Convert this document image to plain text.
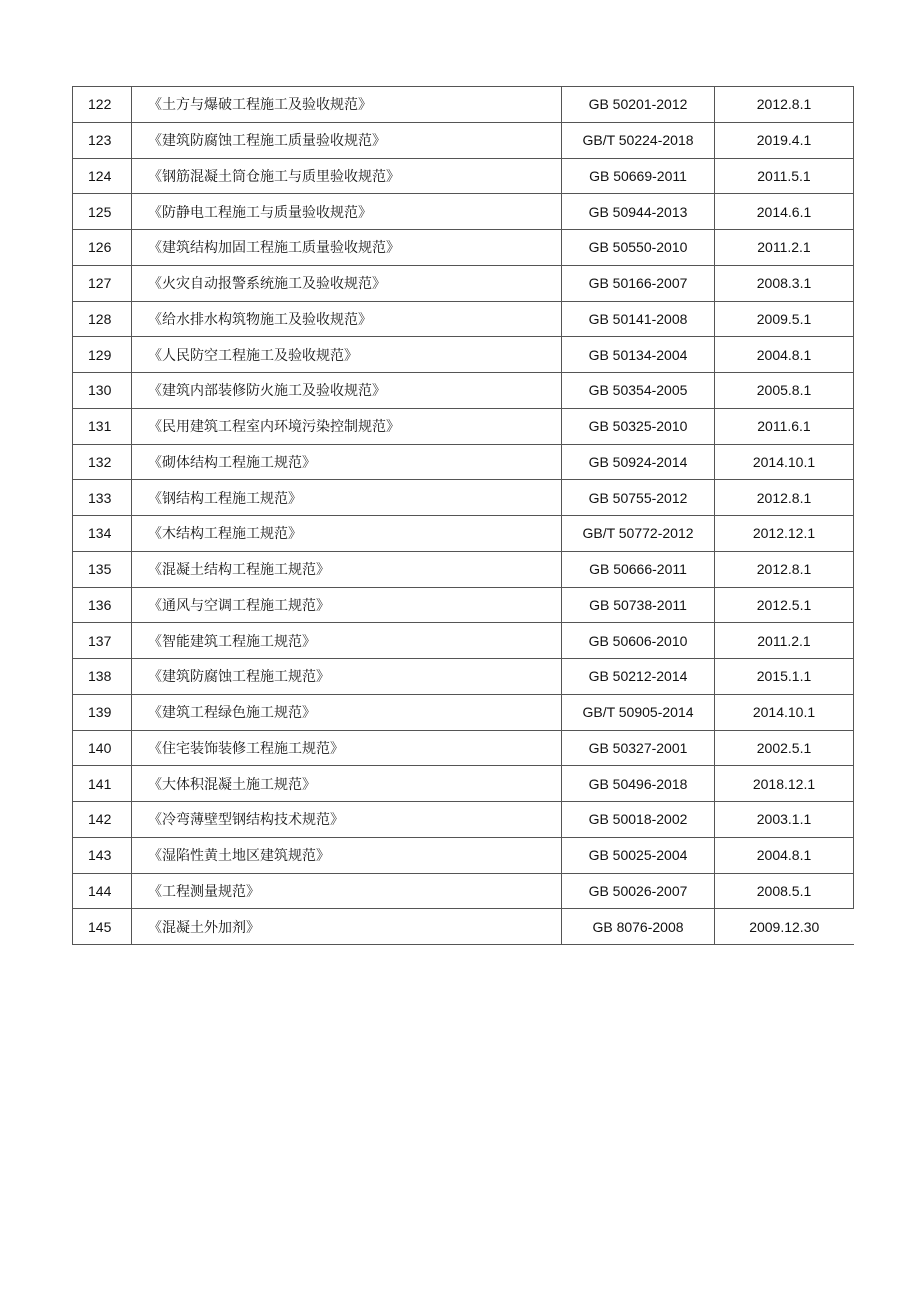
122	《土方与爆破工程施工及验收规范》	GB 50201-2012	2012.8.1
123	《建筑防腐蚀工程施工质量验收规范》	GB/T 50224-2018	2019.4.1
124	《钢筋混凝土筒仓施工与质里验收规范》	GB 50669-2011	2011.5.1
125	《防静电工程施工与质量验收规范》	GB 50944-2013	2014.6.1
126	《建筑结构加固工程施工质量验收规范》	GB 50550-2010	2011.2.1
127	《火灾自动报警系统施工及验收规范》	GB 50166-2007	2008.3.1
128	《给水排水构筑物施工及验收规范》	GB 50141-2008	2009.5.1
129	《人民防空工程施工及验收规范》	GB 50134-2004	2004.8.1
130	《建筑内部装修防火施工及验收规范》	GB 50354-2005	2005.8.1
131	《民用建筑工程室内环境污染控制规范》	GB 50325-2010	2011.6.1
132	《砌体结构工程施工规范》	GB 50924-2014	2014.10.1
133	《钢结构工程施工规范》	GB 50755-2012	2012.8.1
134	《木结构工程施工规范》	GB/T 50772-2012	2012.12.1
135	《混凝土结构工程施工规范》	GB 50666-2011	2012.8.1
136	《通风与空调工程施工规范》	GB 50738-2011	2012.5.1
137	《智能建筑工程施工规范》	GB 50606-2010	2011.2.1
138	《建筑防腐蚀工程施工规范》	GB 50212-2014	2015.1.1
139	《建筑工程绿色施工规范》	GB/T 50905-2014	2014.10.1
140	《住宅装饰装修工程施工规范》	GB 50327-2001	2002.5.1
141	《大体积混凝土施工规范》	GB 50496-2018	2018.12.1
142	《冷弯薄壁型钢结构技术规范》	GB 50018-2002	2003.1.1
143	《湿陷性黄土地区建筑规范》	GB 50025-2004	2004.8.1
144	《工程测量规范》	GB 50026-2007	2008.5.1
145	《混凝土外加剂》	GB 8076-2008	2009.12.30
